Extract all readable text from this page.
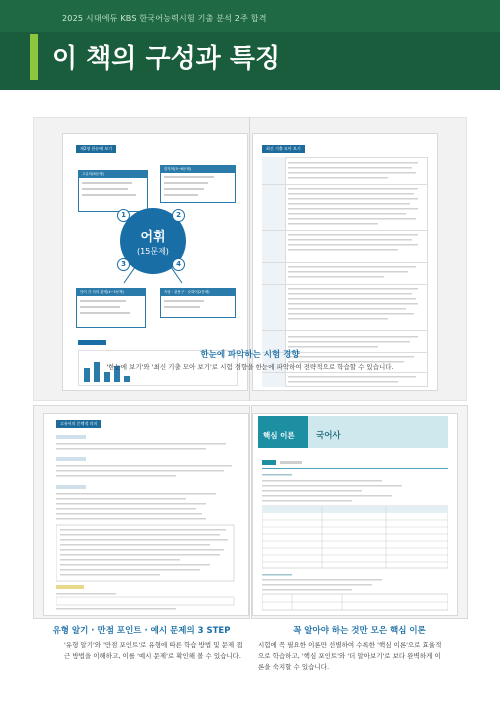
2025 시대에듀 KBS 한국어능력시험 기출 분석 2주 합격
이 책의 구성과 특징
제2영 한눈에 보기
고유어(8문제)
한자어(5~6문제)
단어 간 의미 관계(4~5문제)	속담 · 관용구 · 순화어(2문제)
어휘
(15문제)
1	2
3	4
최신 기출 모아 보기
한눈에 파악하는 시험 경향
'한눈에 보기'와 '최신 기출 모아 보기'로 시험 경향을 한눈에 파악하여 전략적으로 학습할 수 있습니다.
고유어의 문맥적 의미
핵심 이론	국어사
유형 알기 · 만점 포인트 · 예시 문제의 3 STEP
'유형 알기'와 '만점 포인트'로 유형에 따른 학습 방법 및 문제 접근 방법을 이해하고, 이를 '예시 문제'로 확인해 볼 수 있습니다.
꼭 알아야 하는 것만 모은 핵심 이론
시험에 꼭 필요한 이론만 선별하여 수록한 '핵심 이론'으로 효율적으로 학습하고, '핵심 포인트'와 '더 알아보기'로 보다 완벽하게 이론을 숙지할 수 있습니다.
